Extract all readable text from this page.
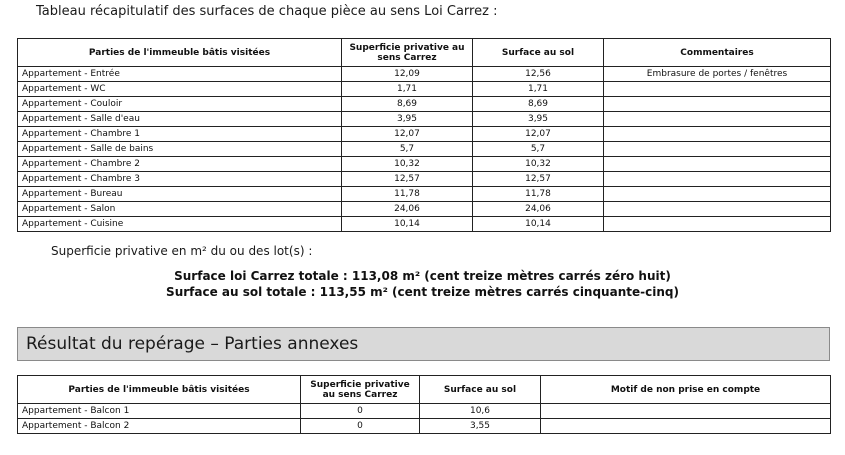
Tableau récapitulatif des surfaces de chaque pièce au sens Loi Carrez :
Parties de l'immeuble bâtis visitées	Superficie privative au sens Carrez	Surface au sol	Commentaires
Appartement - Entrée	12,09	12,56	Embrasure de portes / fenêtres
Appartement - WC	1,71	1,71	
Appartement - Couloir	8,69	8,69	
Appartement - Salle d'eau	3,95	3,95	
Appartement - Chambre 1	12,07	12,07	
Appartement - Salle de bains	5,7	5,7	
Appartement - Chambre 2	10,32	10,32	
Appartement - Chambre 3	12,57	12,57	
Appartement - Bureau	11,78	11,78	
Appartement - Salon	24,06	24,06	
Appartement - Cuisine	10,14	10,14	
Superficie privative en m² du ou des lot(s) :
Surface loi Carrez totale : 113,08 m² (cent treize mètres carrés zéro huit)
Surface au sol totale : 113,55 m² (cent treize mètres carrés cinquante-cinq)
Résultat du repérage – Parties annexes
Parties de l'immeuble bâtis visitées	Superficie privative au sens Carrez	Surface au sol	Motif de non prise en compte
Appartement - Balcon 1	0	10,6	
Appartement - Balcon 2	0	3,55	
